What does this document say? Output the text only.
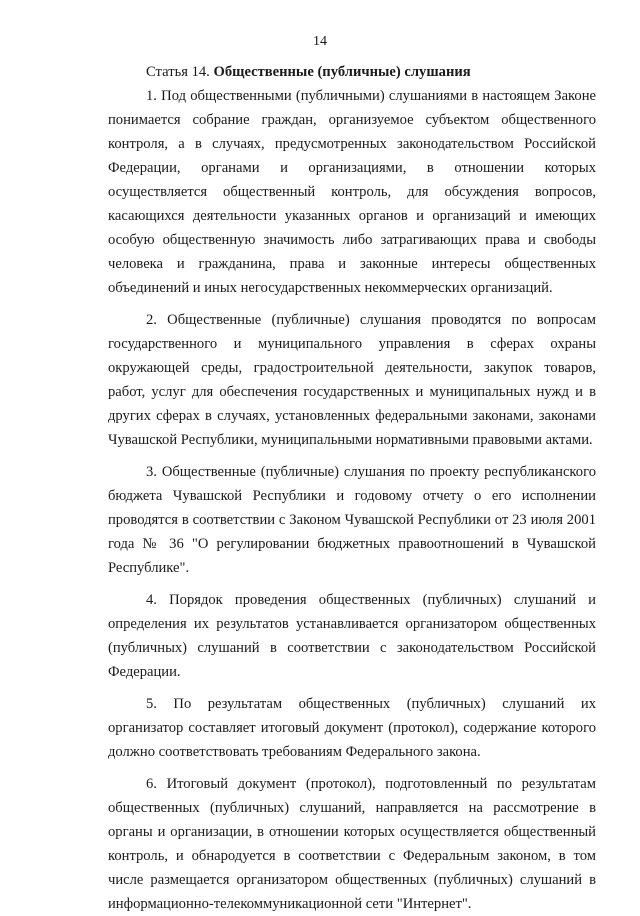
14

Статья 14. Общественные (публичные) слушания

1. Под общественными (публичными) слушаниями в настоящем Законе понимается собрание граждан, организуемое субъектом общественного контроля, а в случаях, предусмотренных законодательством Российской Федерации, органами и организациями, в отношении которых осуществляется общественный контроль, для обсуждения вопросов, касающихся деятельности указанных органов и организаций и имеющих особую общественную значимость либо затрагивающих права и свободы человека и гражданина, права и законные интересы общественных объединений и иных негосударственных некоммерческих организаций.

2. Общественные (публичные) слушания проводятся по вопросам государственного и муниципального управления в сферах охраны окружающей среды, градостроительной деятельности, закупок товаров, работ, услуг для обеспечения государственных и муниципальных нужд и в других сферах в случаях, установленных федеральными законами, законами Чувашской Республики, муниципальными нормативными правовыми актами.

3. Общественные (публичные) слушания по проекту республиканского бюджета Чувашской Республики и годовому отчету о его исполнении проводятся в соответствии с Законом Чувашской Республики от 23 июля 2001 года № 36 "О регулировании бюджетных правоотношений в Чувашской Республике".

4. Порядок проведения общественных (публичных) слушаний и определения их результатов устанавливается организатором общественных (публичных) слушаний в соответствии с законодательством Российской Федерации.

5. По результатам общественных (публичных) слушаний их организатор составляет итоговый документ (протокол), содержание которого должно соответствовать требованиям Федерального закона.

6. Итоговый документ (протокол), подготовленный по результатам общественных (публичных) слушаний, направляется на рассмотрение в органы и организации, в отношении которых осуществляется общественный контроль, и обнародуется в соответствии с Федеральным законом, в том числе размещается организатором общественных (публичных) слушаний в информационно-телекоммуникационной сети "Интернет".
